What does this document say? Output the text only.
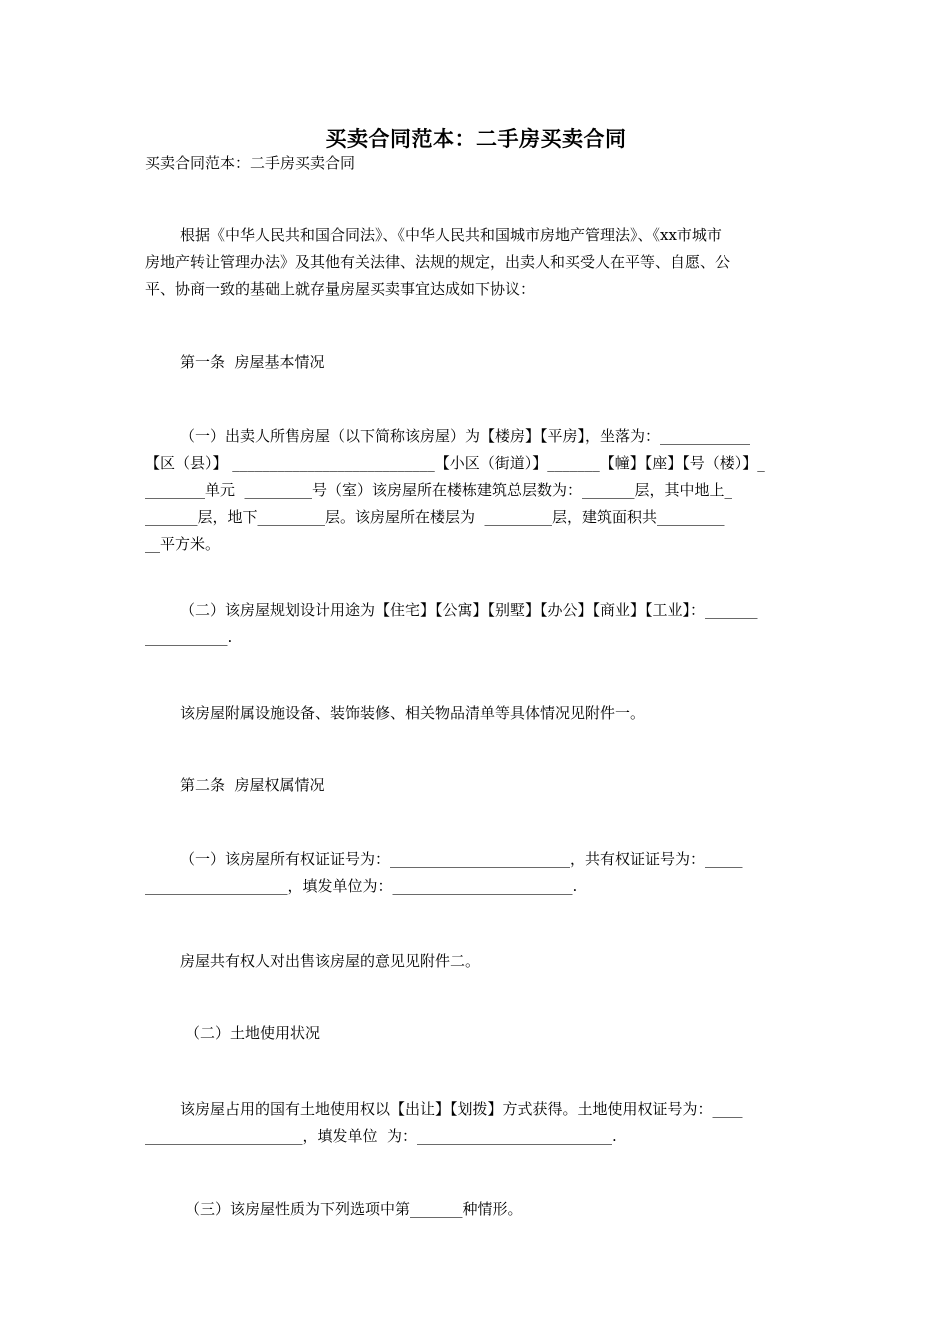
买卖合同范本：二手房买卖合同

买卖合同范本：二手房买卖合同

根据《中华人民共和国合同法》、《中华人民共和国城市房地产管理法》、《xx市城市
房地产转让管理办法》及其他有关法律、法规的规定，出卖人和买受人在平等、自愿、公
平、协商一致的基础上就存量房屋买卖事宜达成如下协议：

第一条  房屋基本情况

（一）出卖人所售房屋（以下简称该房屋）为【楼房】【平房】，坐落为：____________
【区（县）】 ___________________________【小区（街道）】_______【幢】【座】【号（楼）】_
________单元  _________号（室）该房屋所在楼栋建筑总层数为：_______层，其中地上_
_______层，地下_________层。该房屋所在楼层为  _________层，建筑面积共_________
__平方米。
（二）该房屋规划设计用途为【住宅】【公寓】【别墅】【办公】【商业】【工业】：_______
___________.

该房屋附属设施设备、装饰装修、相关物品清单等具体情况见附件一。

第二条  房屋权属情况

（一）该房屋所有权证证号为：________________________，共有权证证号为：_____
___________________，填发单位为：________________________.

房屋共有权人对出售该房屋的意见见附件二。

（二）土地使用状况

该房屋占用的国有土地使用权以【出让】【划拨】方式获得。土地使用权证号为：____
_____________________，填发单位  为：__________________________.

（三）该房屋性质为下列选项中第_______种情形。
